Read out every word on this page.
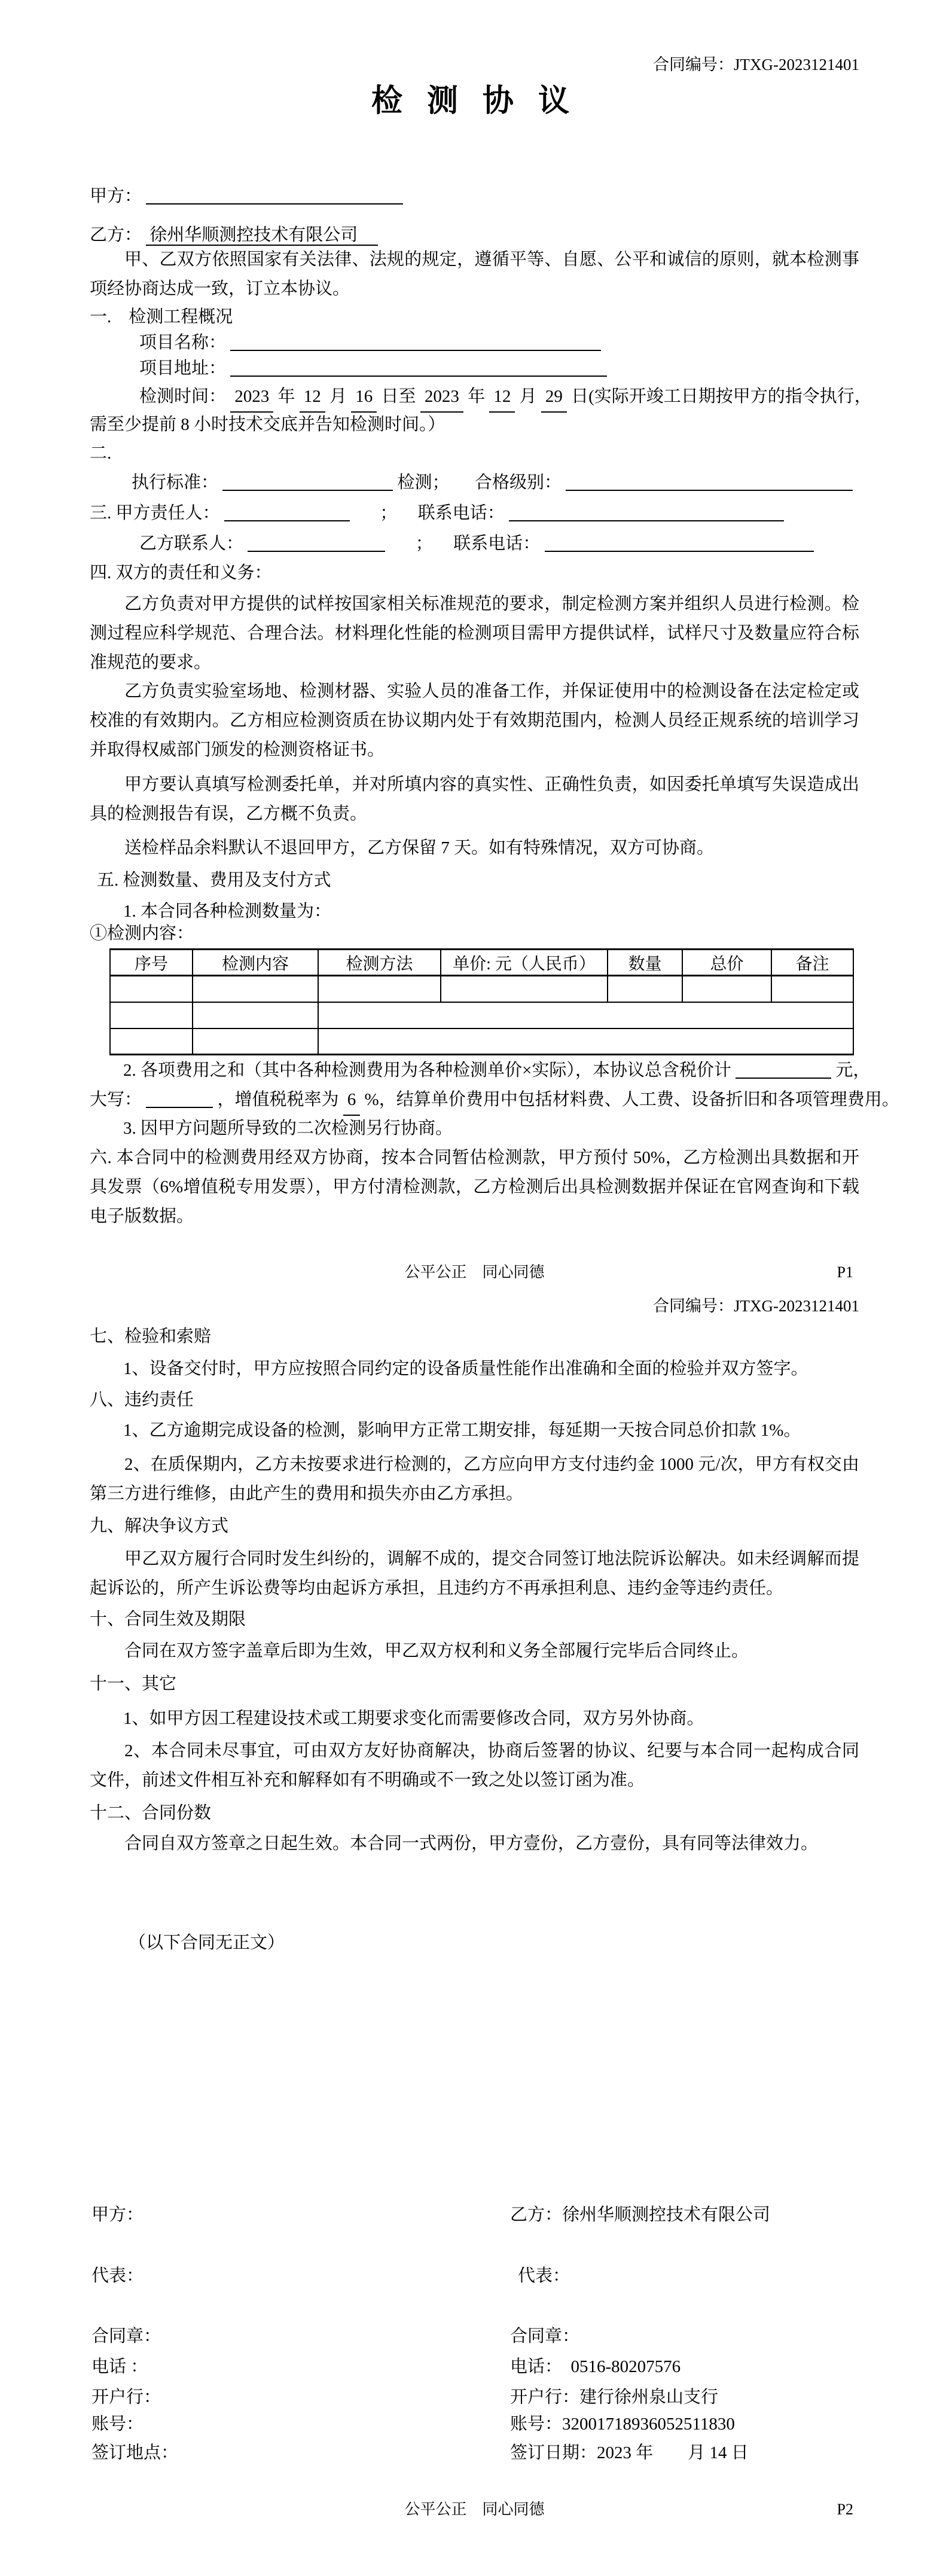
合同编号：JTXG-2023121401
检 测 协 议
甲方：
乙方： 徐州华顺测控技术有限公司
甲、乙双方依照国家有关法律、法规的规定，遵循平等、自愿、公平和诚信的原则，就本检测事项经协商达成一致，订立本协议。
一.　检测工程概况
项目名称：
项目地址：
检测时间： 2023 年 12 月 16 日至 2023 年 12 月 29 日(实际开竣工日期按甲方的指令执行，
需至少提前 8 小时技术交底并告知检测时间。）
二.
执行标准：	检测； 合格级别：
三. 甲方责任人：	； 联系电话：
乙方联系人：	； 联系电话：
四. 双方的责任和义务：
乙方负责对甲方提供的试样按国家相关标准规范的要求，制定检测方案并组织人员进行检测。检测过程应科学规范、合理合法。材料理化性能的检测项目需甲方提供试样，试样尺寸及数量应符合标准规范的要求。
乙方负责实验室场地、检测材器、实验人员的准备工作，并保证使用中的检测设备在法定检定或校准的有效期内。乙方相应检测资质在协议期内处于有效期范围内，检测人员经正规系统的培训学习并取得权威部门颁发的检测资格证书。
甲方要认真填写检测委托单，并对所填内容的真实性、正确性负责，如因委托单填写失误造成出具的检测报告有误，乙方概不负责。
送检样品余料默认不退回甲方，乙方保留 7 天。如有特殊情况，双方可协商。
五. 检测数量、费用及支付方式
1. 本合同各种检测数量为：
①检测内容：
序号	检测内容	检测方法	单价: 元（人民币）	数量	总价	备注

2. 各项费用之和（其中各种检测费用为各种检测单价×实际），本协议总含税价计	元，
大写：	，增值税税率为 6 %，结算单价费用中包括材料费、人工费、设备折旧和各项管理费用。
3. 因甲方问题所导致的二次检测另行协商。
六. 本合同中的检测费用经双方协商，按本合同暂估检测款，甲方预付 50%，乙方检测出具数据和开具发票（6%增值税专用发票），甲方付清检测款，乙方检测后出具检测数据并保证在官网查询和下载电子版数据。
公平公正　同心同德	P1
合同编号：JTXG-2023121401
七、检验和索赔
1、设备交付时，甲方应按照合同约定的设备质量性能作出准确和全面的检验并双方签字。
八、违约责任
1、乙方逾期完成设备的检测，影响甲方正常工期安排，每延期一天按合同总价扣款 1%。
2、在质保期内，乙方未按要求进行检测的，乙方应向甲方支付违约金 1000 元/次，甲方有权交由第三方进行维修，由此产生的费用和损失亦由乙方承担。
九、解决争议方式
甲乙双方履行合同时发生纠纷的，调解不成的，提交合同签订地法院诉讼解决。如未经调解而提起诉讼的，所产生诉讼费等均由起诉方承担，且违约方不再承担利息、违约金等违约责任。
十、合同生效及期限
合同在双方签字盖章后即为生效，甲乙双方权利和义务全部履行完毕后合同终止。
十一、其它
1、如甲方因工程建设技术或工期要求变化而需要修改合同，双方另外协商。
2、本合同未尽事宜，可由双方友好协商解决，协商后签署的协议、纪要与本合同一起构成合同文件，前述文件相互补充和解释如有不明确或不一致之处以签订函为准。
十二、合同份数
合同自双方签章之日起生效。本合同一式两份，甲方壹份，乙方壹份，具有同等法律效力。
（以下合同无正文）
甲方：	乙方：徐州华顺测控技术有限公司
代表：	代表：
合同章：	合同章：
电话 ：	电话：　0516-80207576
开户行：	开户行：建行徐州泉山支行
账号：	账号：32001718936052511830
签订地点：	签订日期：2023 年　　月 14 日
公平公正　同心同德	P2
